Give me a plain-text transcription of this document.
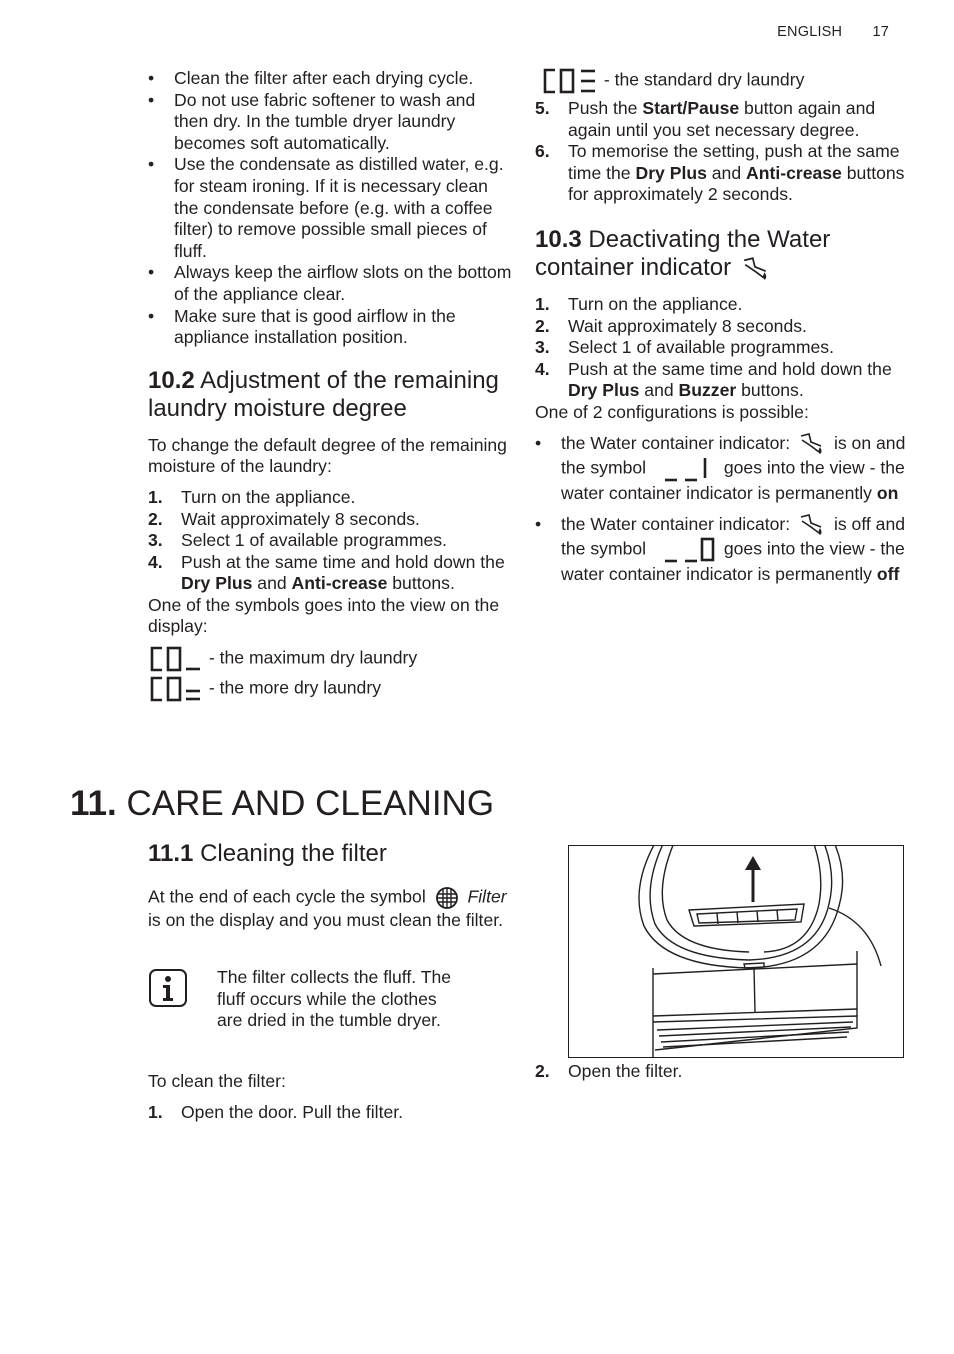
ENGLISH 17
• Clean the filter after each drying cycle.
• Do not use fabric softener to wash and then dry. In the tumble dryer laundry becomes soft automatically.
• Use the condensate as distilled water, e.g. for steam ironing. If it is necessary clean the condensate before (e.g. with a coffee filter) to remove possible small pieces of fluff.
• Always keep the airflow slots on the bottom of the appliance clear.
• Make sure that is good airflow in the appliance installation position.
10.2 Adjustment of the remaining laundry moisture degree

To change the default degree of the remaining moisture of the laundry:

1. Turn on the appliance.
2. Wait approximately 8 seconds.
3. Select 1 of available programmes.
4. Push at the same time and hold down the Dry Plus and Anti-crease buttons.

One of the symbols goes into the view on the display:

- the maximum dry laundry
- the more dry laundry
- the standard dry laundry
5. Push the Start/Pause button again and again until you set necessary degree.
6. To memorise the setting, push at the same time the Dry Plus and Anti-crease buttons for approximately 2 seconds.
10.3 Deactivating the Water container indicator
1. Turn on the appliance.
2. Wait approximately 8 seconds.
3. Select 1 of available programmes.
4. Push at the same time and hold down the Dry Plus and Buzzer buttons.

One of 2 configurations is possible:

• the Water container indicator: is on and the symbol	goes into the view - the water container indicator is permanently on
• the Water container indicator: is off and the symbol	goes into the view - the water container indicator is permanently off
11. CARE AND CLEANING
11.1 Cleaning the filter

At the end of each cycle the symbol Filter is on the display and you must clean the filter.

The filter collects the fluff. The fluff occurs while the clothes are dried in the tumble dryer.

To clean the filter:

1. Open the door. Pull the filter.
2. Open the filter.
